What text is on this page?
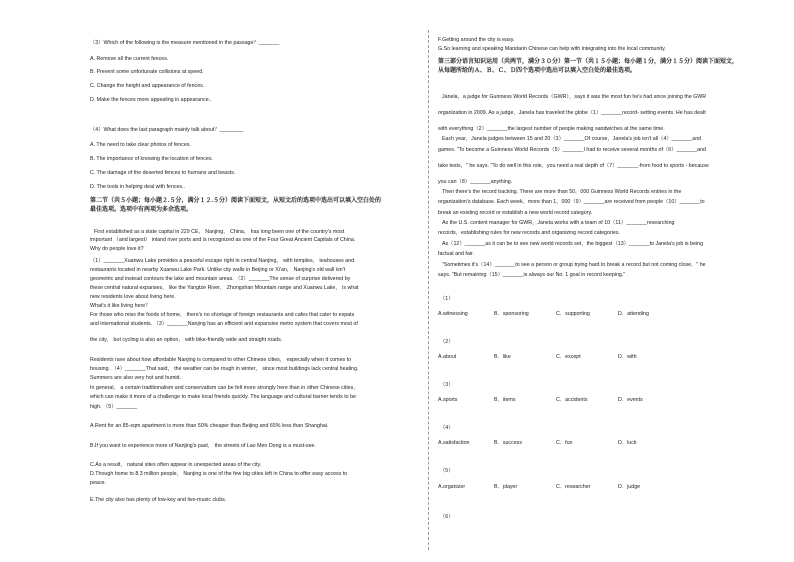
（3）Which of the following is the measure mentioned in the passage？_______
A. Remove all the current fences.
B. Prevent some unfortunate collisions at speed.
C. Change the height and appearance of fences.
D. Make the fences more appealing in appearance..
（4）What does the last paragraph mainly talk about？________
A. The need to take clear photos of fences.
B. The importance of knowing the location of fences.
C. The damage of the deserted fences to humans and beasts.
D. The tools in helping deal with fences..
第二节（共５小题；每小题２.５分，满分１２.５分）阅读下面短文，从短文后的选项中选出可以填入空白处的
最佳选项。选项中有两项为多余选项。
First established as a state capital in 229 CE， Nanjing， China， has long been one of the country's most
important （and largest） inland river ports and is recognized as one of the Four Great Ancient Capitals of China.
Why do people love it?
（1）_______Xuanwu Lake provides a peaceful escape right in central Nanjing， with temples， teahouses and
restaurants located in nearby Xuanwu Lake Park. Unlike city walls in Beijing or Xi'an， Nanjing's old wall isn't
geometric and instead contours the lake and mountain areas. （2）_______The sense of surprise delivered by
these central natural expanses， like the Yangtze River， Zhongshan Mountain range and Xuanwu Lake， is what
new residents love about living here.
What's it like living here？
For those who miss the foods of home， there's no shortage of foreign restaurants and cafes that cater to expats
and international students. （3）_______Nanjing has an efficient and expansive metro system that covers most of
the city， but cycling is also an option， with bike-friendly wide and straight roads.
Residents rave about how affordable Nanjing is compared to other Chinese cities， especially when it comes to
housing. （4）_______That said， the weather can be rough in winter， since most buildings lack central heating.
Summers are also very hot and humid.
In general， a certain traditionalism and conservatism can be felt more strongly here than in other Chinese cities，
which can make it more of a challenge to make local friends quickly. The language and cultural barrier tends to be
high. （5）_______
A.Rent for an 85-sqm apartment is more than 50% cheaper than Beijing and 65% less than Shanghai.
B.If you want to experience more of Nanjing's past， the streets of Lao Men Dong is a must-see.
C.As a result， natural sites often appear in unexpected areas of the city.
D.Though home to 8.3 million people， Nanjing is one of the few big cities left in China to offer easy access to
peace.
E.The city also has plenty of low-key and live-music clubs.
F.Getting around the city is easy.
G.So learning and speaking Mandarin Chinese can help with integrating into the local community.
第三部分语言知识运用（共两节，满分３０分）第一节（共１５小题；每小题１分，满分１５分）阅读下面短文，
从每题所给的Ａ、Ｂ、Ｃ、Ｄ四个选项中选出可以填入空白处的最佳选项。
Janela，a judge for Guinness World Records（GWR），says it was the most fun he's had since joining the GWR
organization in 2009. As a judge，Janela has traveled the globe（1）_______record- setting events. He has dealt
with everything（2）_______the largest number of people making sandwiches at the same time.
Each year，Janela judges between 15 and 20（3）_______Of course，Janela's job isn't all（4）_______and
games. "To become a Guinness World Records（5）_______I had to receive several months of（6）_______and
take tests，" he says. "To do well in this role，you need a real depth of（7）_______-from food to sports - because
you can（8）_______anything.
Then there's the record tracking. There are more than 50，000 Guinness World Records entries in the
organization's database. Each week，more than 1，000（9）_______are received from people（10）_______to
break an existing record or establish a new world record category.
As the U.S. content manager for GWR，Janela works with a team of 10（11）_______researching
records，establishing rules for new records and organizing record categories.
As（12）_______as it can be to see new world records set，the biggest（13）_______to Janela's job is being
factual and fair.
"Sometimes it's（14）_______to see a person or group trying hard to break a record but not coming close，" he
says. "But remaining（15）_______is always our No. 1 goal in record keeping."
（1）
A.witnessing	B．sponsoring	C．supporting	D．attending
（2）
A.about	B．like	C．except	D．with
（3）
A.sports	B．items	C．accidents	D．events
（4）
A.satisfaction	B．success	C．fun	D．luck
（5）
A.organizer	B．player	C．researcher	D．judge
（6）
